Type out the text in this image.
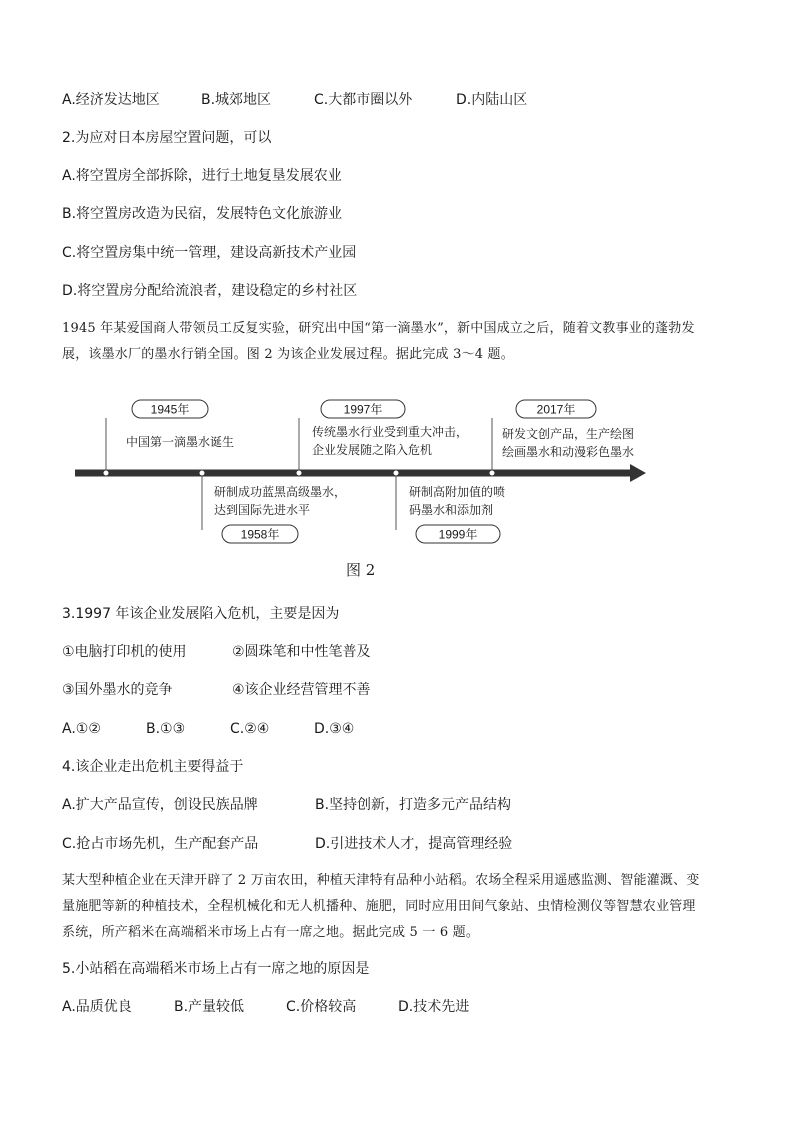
A.经济发达地区	B.城郊地区	C.大都市圈以外	D.内陆山区
2.为应对日本房屋空置问题，可以
A.将空置房全部拆除，进行土地复垦发展农业
B.将空置房改造为民宿，发展特色文化旅游业
C.将空置房集中统一管理，建设高新技术产业园
D.将空置房分配给流浪者，建设稳定的乡村社区
1945 年某爱国商人带领员工反复实验，研究出中国“第一滴墨水”，新中国成立之后，随着文教事业的蓬勃发
展，该墨水厂的墨水行销全国。图 2 为该企业发展过程。据此完成 3～4 题。
1945年
中国第一滴墨水诞生
1958年
研制成功蓝黑高级墨水，
达到国际先进水平
1997年
传统墨水行业受到重大冲击，
企业发展随之陷入危机
1999年
研制高附加值的喷
码墨水和添加剂
2017年
研发文创产品，生产绘图
绘画墨水和动漫彩色墨水
图 2
3.1997 年该企业发展陷入危机，主要是因为
①电脑打印机的使用	②圆珠笔和中性笔普及
③国外墨水的竞争	④该企业经营管理不善
A.①②	B.①③	C.②④	D.③④
4.该企业走出危机主要得益于
A.扩大产品宣传，创设民族品牌	B.坚持创新，打造多元产品结构
C.抢占市场先机，生产配套产品	D.引进技术人才，提高管理经验
某大型种植企业在天津开辟了 2 万亩农田，种植天津特有品种小站稻。农场全程采用遥感监测、智能灌溉、变
量施肥等新的种植技术，全程机械化和无人机播种、施肥，同时应用田间气象站、虫情检测仪等智慧农业管理
系统，所产稻米在高端稻米市场上占有一席之地。据此完成 5 一 6 题。
5.小站稻在高端稻米市场上占有一席之地的原因是
A.品质优良	B.产量较低	C.价格较高	D.技术先进
